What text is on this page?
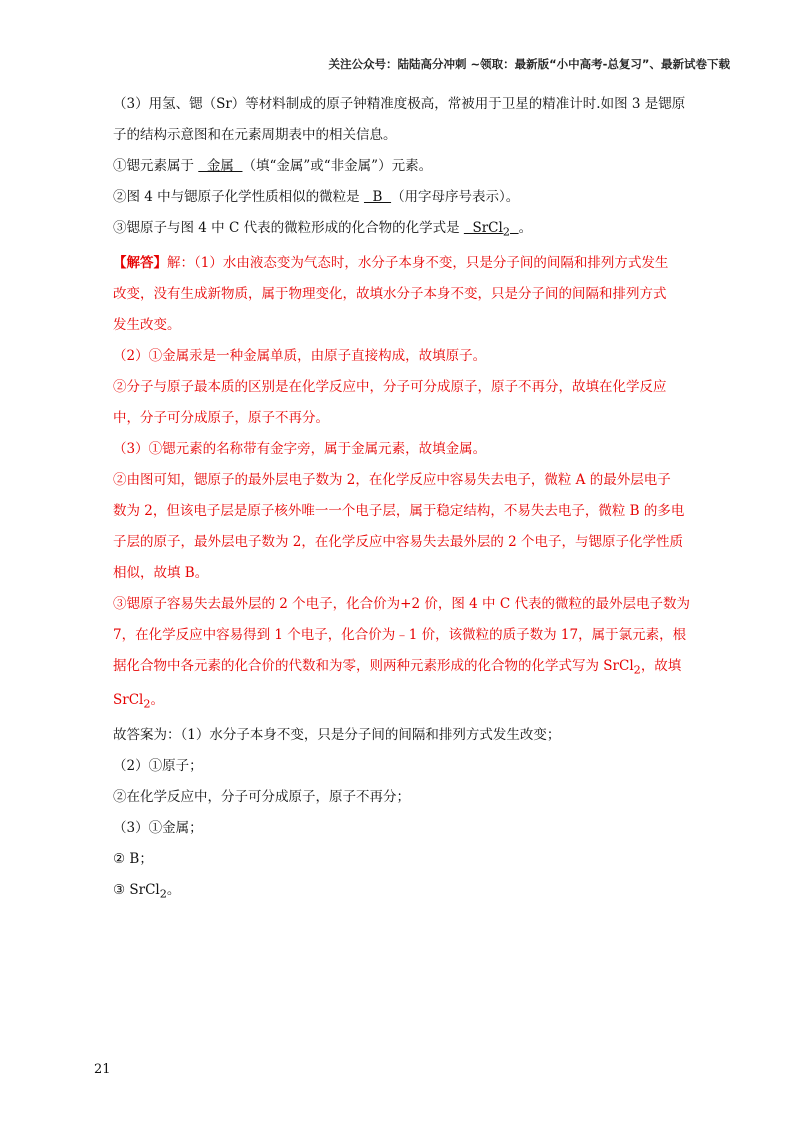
关注公众号：陆陆高分冲刺 ~领取：最新版“小中高考-总复习”、最新试卷下载

（3）用氢、锶（Sr）等材料制成的原子钟精准度极高，常被用于卫星的精准计时.如图 3 是锶原

子的结构示意图和在元素周期表中的相关信息。

①锶元素属于   金属  （填“金属”或“非金属”）元素。

②图 4 中与锶原子化学性质相似的微粒是   B  （用字母序号表示）。

③锶原子与图 4 中 C 代表的微粒形成的化合物的化学式是   SrCl$_2$ 。

【解答】解：（1）水由液态变为气态时，水分子本身不变，只是分子间的间隔和排列方式发生

改变，没有生成新物质，属于物理变化，故填水分子本身不变，只是分子间的间隔和排列方式

发生改变。

（2）①金属汞是一种金属单质，由原子直接构成，故填原子。

②分子与原子最本质的区别是在化学反应中，分子可分成原子，原子不再分，故填在化学反应

中，分子可分成原子，原子不再分。

（3）①锶元素的名称带有金字旁，属于金属元素，故填金属。

②由图可知，锶原子的最外层电子数为 2，在化学反应中容易失去电子，微粒 A 的最外层电子

数为 2，但该电子层是原子核外唯一一个电子层，属于稳定结构，不易失去电子，微粒 B 的多电

子层的原子，最外层电子数为 2，在化学反应中容易失去最外层的 2 个电子，与锶原子化学性质

相似，故填 B。

③锶原子容易失去最外层的 2 个电子，化合价为+2 价，图 4 中 C 代表的微粒的最外层电子数为

7，在化学反应中容易得到 1 个电子，化合价为﹣1 价，该微粒的质子数为 17，属于氯元素，根

据化合物中各元素的化合价的代数和为零，则两种元素形成的化合物的化学式写为 SrCl$_2$，故填

SrCl$_2$。

故答案为：（1）水分子本身不变，只是分子间的间隔和排列方式发生改变；

（2）①原子；

②在化学反应中，分子可分成原子，原子不再分；

（3）①金属；

② B；

③ SrCl$_2$。

21
